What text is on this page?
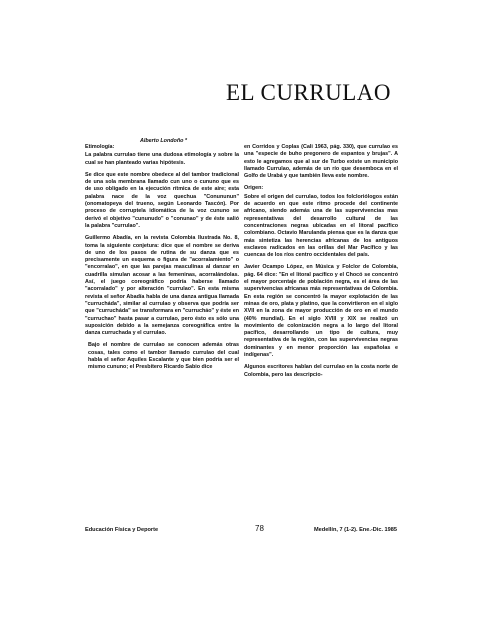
EL CURRULAO
Alberto Londoño *

Etimología:

La palabra currulao tiene una dudosa etimología y sobre la cual se han planteado varias hipótesis.

Se dice que este nombre obedece al del tambor tradicional de una sola membrana llamado cun uno o cununo que es de uso obligado en la ejecución rítmica de este aire; esta palabra nace de la voz quechua "Conununun" (onomatopeya del trueno, según Leonardo Tascón). Por proceso de corruptela idiomática de la voz cununo se derivó el objetivo "cununudo" o "conunao" y de éste salió la palabra "currulao".

Guillermo Abadía, en la revista Colombia Ilustrada No. 8, toma la siguiente conjetura: dice que el nombre se deriva de uno de los pasos de rutina de su danza que es precisamente un esquema o figura de "acorralamiento" o "encorralao", en que las parejas masculinas al danzar en cuadrilla simulan acosar a las femeninas, acorralándolas. Así, el juego coreográfico podría haberse llamado "acorralado" y por alteración "currulao". En esta misma revista el señor Abadía habla de una danza antigua llamada "currucháda", similar al currulao y observa que podría ser que "currucháda" se transformara en "currucháo" y éste en "curruchao" hasta pasar a currulao, pero ésto es sólo una suposición debido a la semejanza coreográfica entre la danza curruchada y el currulao.

Bajo el nombre de currulao se conocen además otras cosas, tales como el tambor llamado currulao del cual habla el señor Aquiles Escalante y que bien podría ser el mismo cununo; el Presbítero Ricardo Sabio dice

en Corridos y Coplas (Cali 1963, pág. 330), que currulao es una "especie de buho pregonero de espantos y brujas". A esto le agregamos que al sur de Turbo existe un municipio llamado Currulao, además de un río que desemboca en el Golfo de Urabá y que también lleva este nombre.

Origen:

Sobre el origen del currulao, todos los folcloriólogos están de acuerdo en que este ritmo procede del continente africano, siendo además una de las supervivencias mas representativas del desarrollo cultural de las concentraciones negras ubicadas en el litoral pacífico colombiano. Octavio Marulanda piensa que es la danza que más sintetiza las herencias africanas de los antiguos esclavos radicados en las orillas del Mar Pacífico y las cuencas de los ríos centro occidentales del país.

Javier Ocampo López, en Música y Folclor de Colombia, pág. 64 dice: "En el litoral pacífico y el Chocó se concentró el mayor porcentaje de población negra, es el área de las supervivencias africanas más representativas de Colombia. En esta región se concentró la mayor explotación de las minas de oro, plata y platino, que la convirtieron en el siglo XVII en la zona de mayor producción de oro en el mundo (40% mundial). En el siglo XVIII y XIX se realizó un movimiento de colonización negra a lo largo del litoral pacífico, desarrollando un tipo de cultura, muy representativa de la región, con las supervivencias negras dominantes y en menor proporción las españolas e indígenas".

Algunos escritores hablan del currulao en la costa norte de Colombia, pero las descripcio-

Educación Física y Deporte	78	Medellín, 7 (1-2). Ene.-Dic. 1985
